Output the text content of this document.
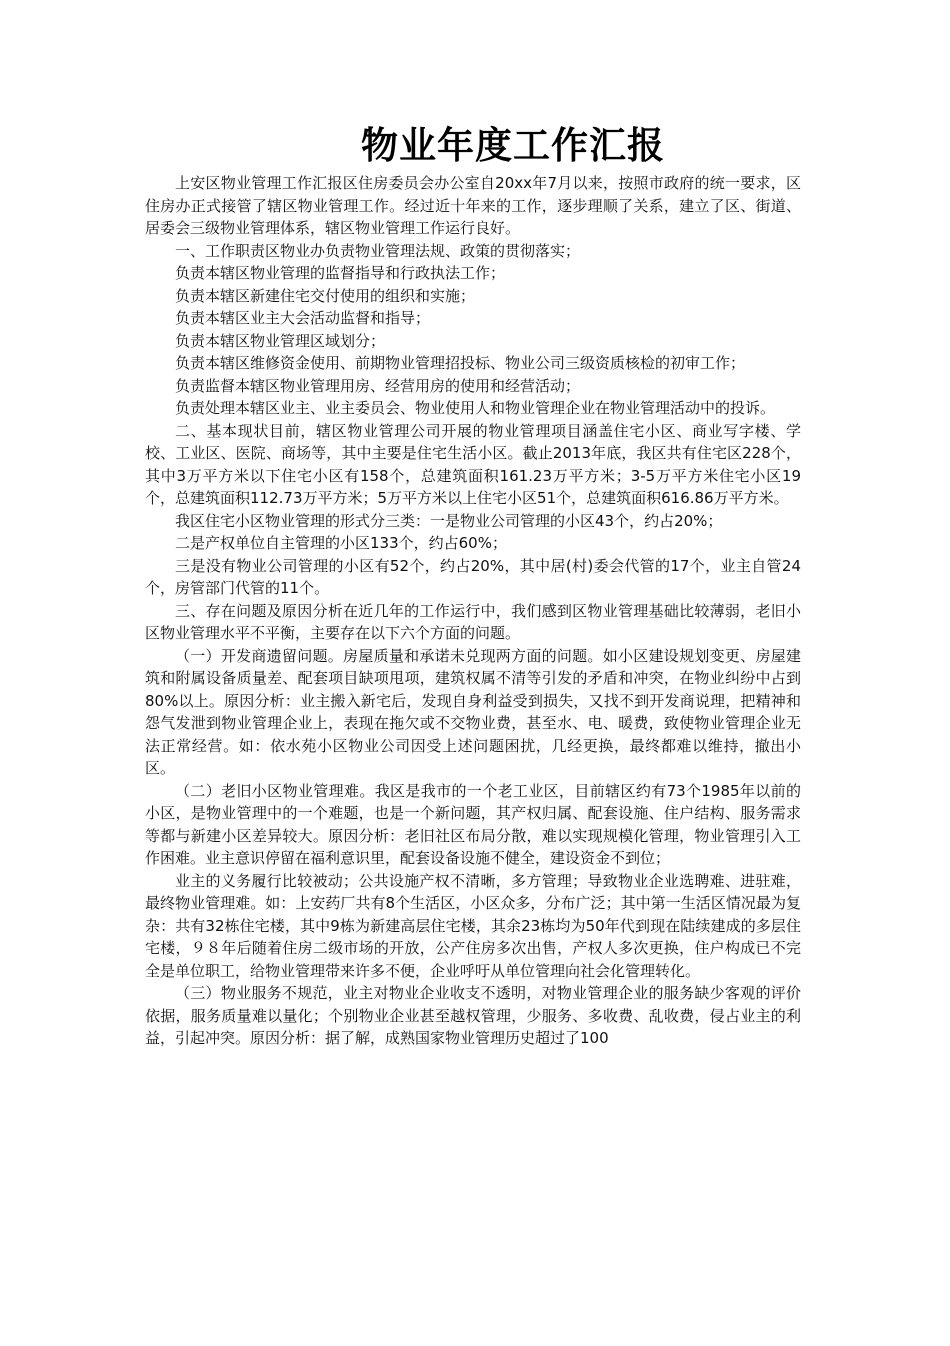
物业年度工作汇报

上安区物业管理工作汇报区住房委员会办公室自20xx年7月以来，按照市政府的统一要求，区住房办正式接管了辖区物业管理工作。经过近十年来的工作，逐步理顺了关系，建立了区、街道、居委会三级物业管理体系，辖区物业管理工作运行良好。

一、工作职责区物业办负责物业管理法规、政策的贯彻落实；

负责本辖区物业管理的监督指导和行政执法工作；

负责本辖区新建住宅交付使用的组织和实施；

负责本辖区业主大会活动监督和指导；

负责本辖区物业管理区域划分；

负责本辖区维修资金使用、前期物业管理招投标、物业公司三级资质核检的初审工作；

负责监督本辖区物业管理用房、经营用房的使用和经营活动；

负责处理本辖区业主、业主委员会、物业使用人和物业管理企业在物业管理活动中的投诉。

二、基本现状目前，辖区物业管理公司开展的物业管理项目涵盖住宅小区、商业写字楼、学校、工业区、医院、商场等，其中主要是住宅生活小区。截止2013年底，我区共有住宅区228个，其中3万平方米以下住宅小区有158个，总建筑面积161.23万平方米；3-5万平方米住宅小区19个，总建筑面积112.73万平方米；5万平方米以上住宅小区51个，总建筑面积616.86万平方米。

我区住宅小区物业管理的形式分三类：一是物业公司管理的小区43个，约占20%；

二是产权单位自主管理的小区133个，约占60%；

三是没有物业公司管理的小区有52个，约占20%，其中居(村)委会代管的17个，业主自管24个，房管部门代管的11个。

三、存在问题及原因分析在近几年的工作运行中，我们感到区物业管理基础比较薄弱，老旧小区物业管理水平不平衡，主要存在以下六个方面的问题。

（一）开发商遗留问题。房屋质量和承诺未兑现两方面的问题。如小区建设规划变更、房屋建筑和附属设备质量差、配套项目缺项甩项，建筑权属不清等引发的矛盾和冲突，在物业纠纷中占到80%以上。原因分析：业主搬入新宅后，发现自身利益受到损失，又找不到开发商说理，把精神和怨气发泄到物业管理企业上，表现在拖欠或不交物业费，甚至水、电、暖费，致使物业管理企业无法正常经营。如：依水苑小区物业公司因受上述问题困扰，几经更换，最终都难以维持，撤出小区。

（二）老旧小区物业管理难。我区是我市的一个老工业区，目前辖区约有73个1985年以前的小区，是物业管理中的一个难题，也是一个新问题，其产权归属、配套设施、住户结构、服务需求等都与新建小区差异较大。原因分析：老旧社区布局分散，难以实现规模化管理，物业管理引入工作困难。业主意识停留在福利意识里，配套设备设施不健全，建设资金不到位；

业主的义务履行比较被动；公共设施产权不清晰，多方管理；导致物业企业选聘难、进驻难，最终物业管理难。如：上安药厂共有8个生活区，小区众多，分布广泛；其中第一生活区情况最为复杂：共有32栋住宅楼，其中9栋为新建高层住宅楼，其余23栋均为50年代到现在陆续建成的多层住宅楼，９８年后随着住房二级市场的开放，公产住房多次出售，产权人多次更换，住户构成已不完全是单位职工，给物业管理带来许多不便，企业呼吁从单位管理向社会化管理转化。

（三）物业服务不规范，业主对物业企业收支不透明，对物业管理企业的服务缺少客观的评价依据，服务质量难以量化；个别物业企业甚至越权管理，少服务、多收费、乱收费，侵占业主的利益，引起冲突。原因分析：据了解，成熟国家物业管理历史超过了100
